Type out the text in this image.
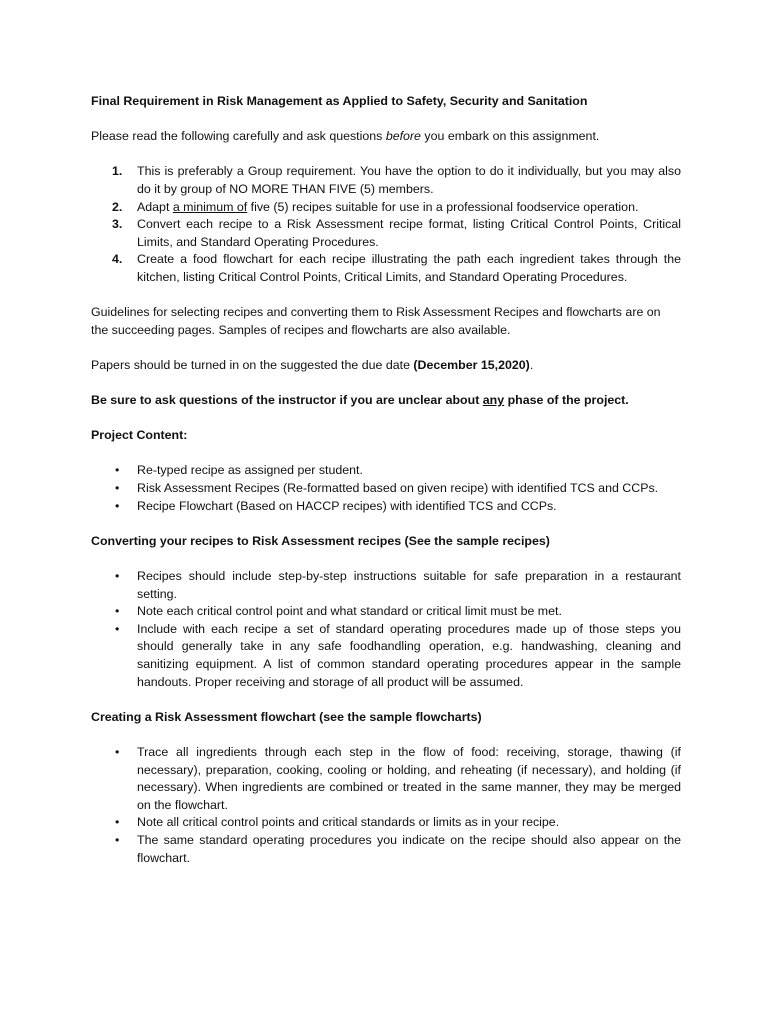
Final Requirement in Risk Management as Applied to Safety, Security and Sanitation

Please read the following carefully and ask questions before you embark on this assignment.

1. This is preferably a Group requirement. You have the option to do it individually, but you may also do it by group of NO MORE THAN FIVE (5) members.
2. Adapt a minimum of five (5) recipes suitable for use in a professional foodservice operation.
3. Convert each recipe to a Risk Assessment recipe format, listing Critical Control Points, Critical Limits, and Standard Operating Procedures.
4. Create a food flowchart for each recipe illustrating the path each ingredient takes through the kitchen, listing Critical Control Points, Critical Limits, and Standard Operating Procedures.

Guidelines for selecting recipes and converting them to Risk Assessment Recipes and flowcharts are on the succeeding pages. Samples of recipes and flowcharts are also available.

Papers should be turned in on the suggested the due date (December 15,2020).

Be sure to ask questions of the instructor if you are unclear about any phase of the project.

Project Content:

• Re-typed recipe as assigned per student.
• Risk Assessment Recipes (Re-formatted based on given recipe) with identified TCS and CCPs.
• Recipe Flowchart (Based on HACCP recipes) with identified TCS and CCPs.

Converting your recipes to Risk Assessment recipes (See the sample recipes)

• Recipes should include step-by-step instructions suitable for safe preparation in a restaurant setting.
• Note each critical control point and what standard or critical limit must be met.
• Include with each recipe a set of standard operating procedures made up of those steps you should generally take in any safe foodhandling operation, e.g. handwashing, cleaning and sanitizing equipment. A list of common standard operating procedures appear in the sample handouts. Proper receiving and storage of all product will be assumed.

Creating a Risk Assessment flowchart (see the sample flowcharts)

• Trace all ingredients through each step in the flow of food: receiving, storage, thawing (if necessary), preparation, cooking, cooling or holding, and reheating (if necessary), and holding (if necessary). When ingredients are combined or treated in the same manner, they may be merged on the flowchart.
• Note all critical control points and critical standards or limits as in your recipe.
• The same standard operating procedures you indicate on the recipe should also appear on the flowchart.
